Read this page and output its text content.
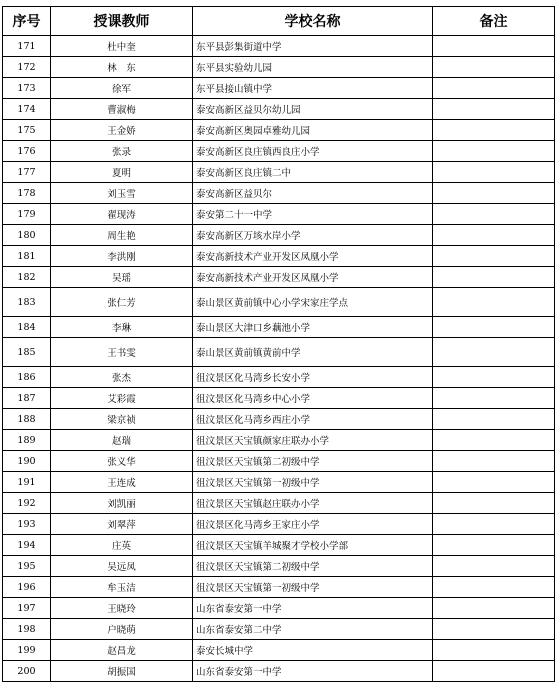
序号	授课教师	学校名称	备注
171	杜中奎	东平县彭集街道中学	
172	林　东	东平县实验幼儿园	
173	徐军	东平县接山镇中学	
174	曹淑梅	泰安高新区益贝尔幼儿园	
175	王金娇	泰安高新区奥园卓雅幼儿园	
176	张录	泰安高新区良庄镇西良庄小学	
177	夏明	泰安高新区良庄镇二中	
178	刘玉雪	泰安高新区益贝尔	
179	翟现涛	泰安第二十一中学	
180	周生艳	泰安高新区万垓水岸小学	
181	李洪刚	泰安高新技术产业开发区凤凰小学	
182	吴瑶	泰安高新技术产业开发区凤凰小学	
183	张仁芳	泰山景区黄前镇中心小学宋家庄学点	
184	李琳	泰山景区大津口乡藕池小学	
185	王书雯	泰山景区黄前镇黄前中学	
186	张杰	徂汶景区化马湾乡长安小学	
187	艾彩霞	徂汶景区化马湾乡中心小学	
188	梁京祯	徂汶景区化马湾乡西庄小学	
189	赵瑞	徂汶景区天宝镇颜家庄联办小学	
190	张义华	徂汶景区天宝镇第二初级中学	
191	王连成	徂汶景区天宝镇第一初级中学	
192	刘凯丽	徂汶景区天宝镇赵庄联办小学	
193	刘翠萍	徂汶景区化马湾乡王家庄小学	
194	庄英	徂汶景区天宝镇羊城聚才学校小学部	
195	吴远凤	徂汶景区天宝镇第二初级中学	
196	牟玉洁	徂汶景区天宝镇第一初级中学	
197	王晓玲	山东省泰安第一中学	
198	户晓萌	山东省泰安第二中学	
199	赵昌龙	泰安长城中学	
200	胡振国	山东省泰安第一中学	
